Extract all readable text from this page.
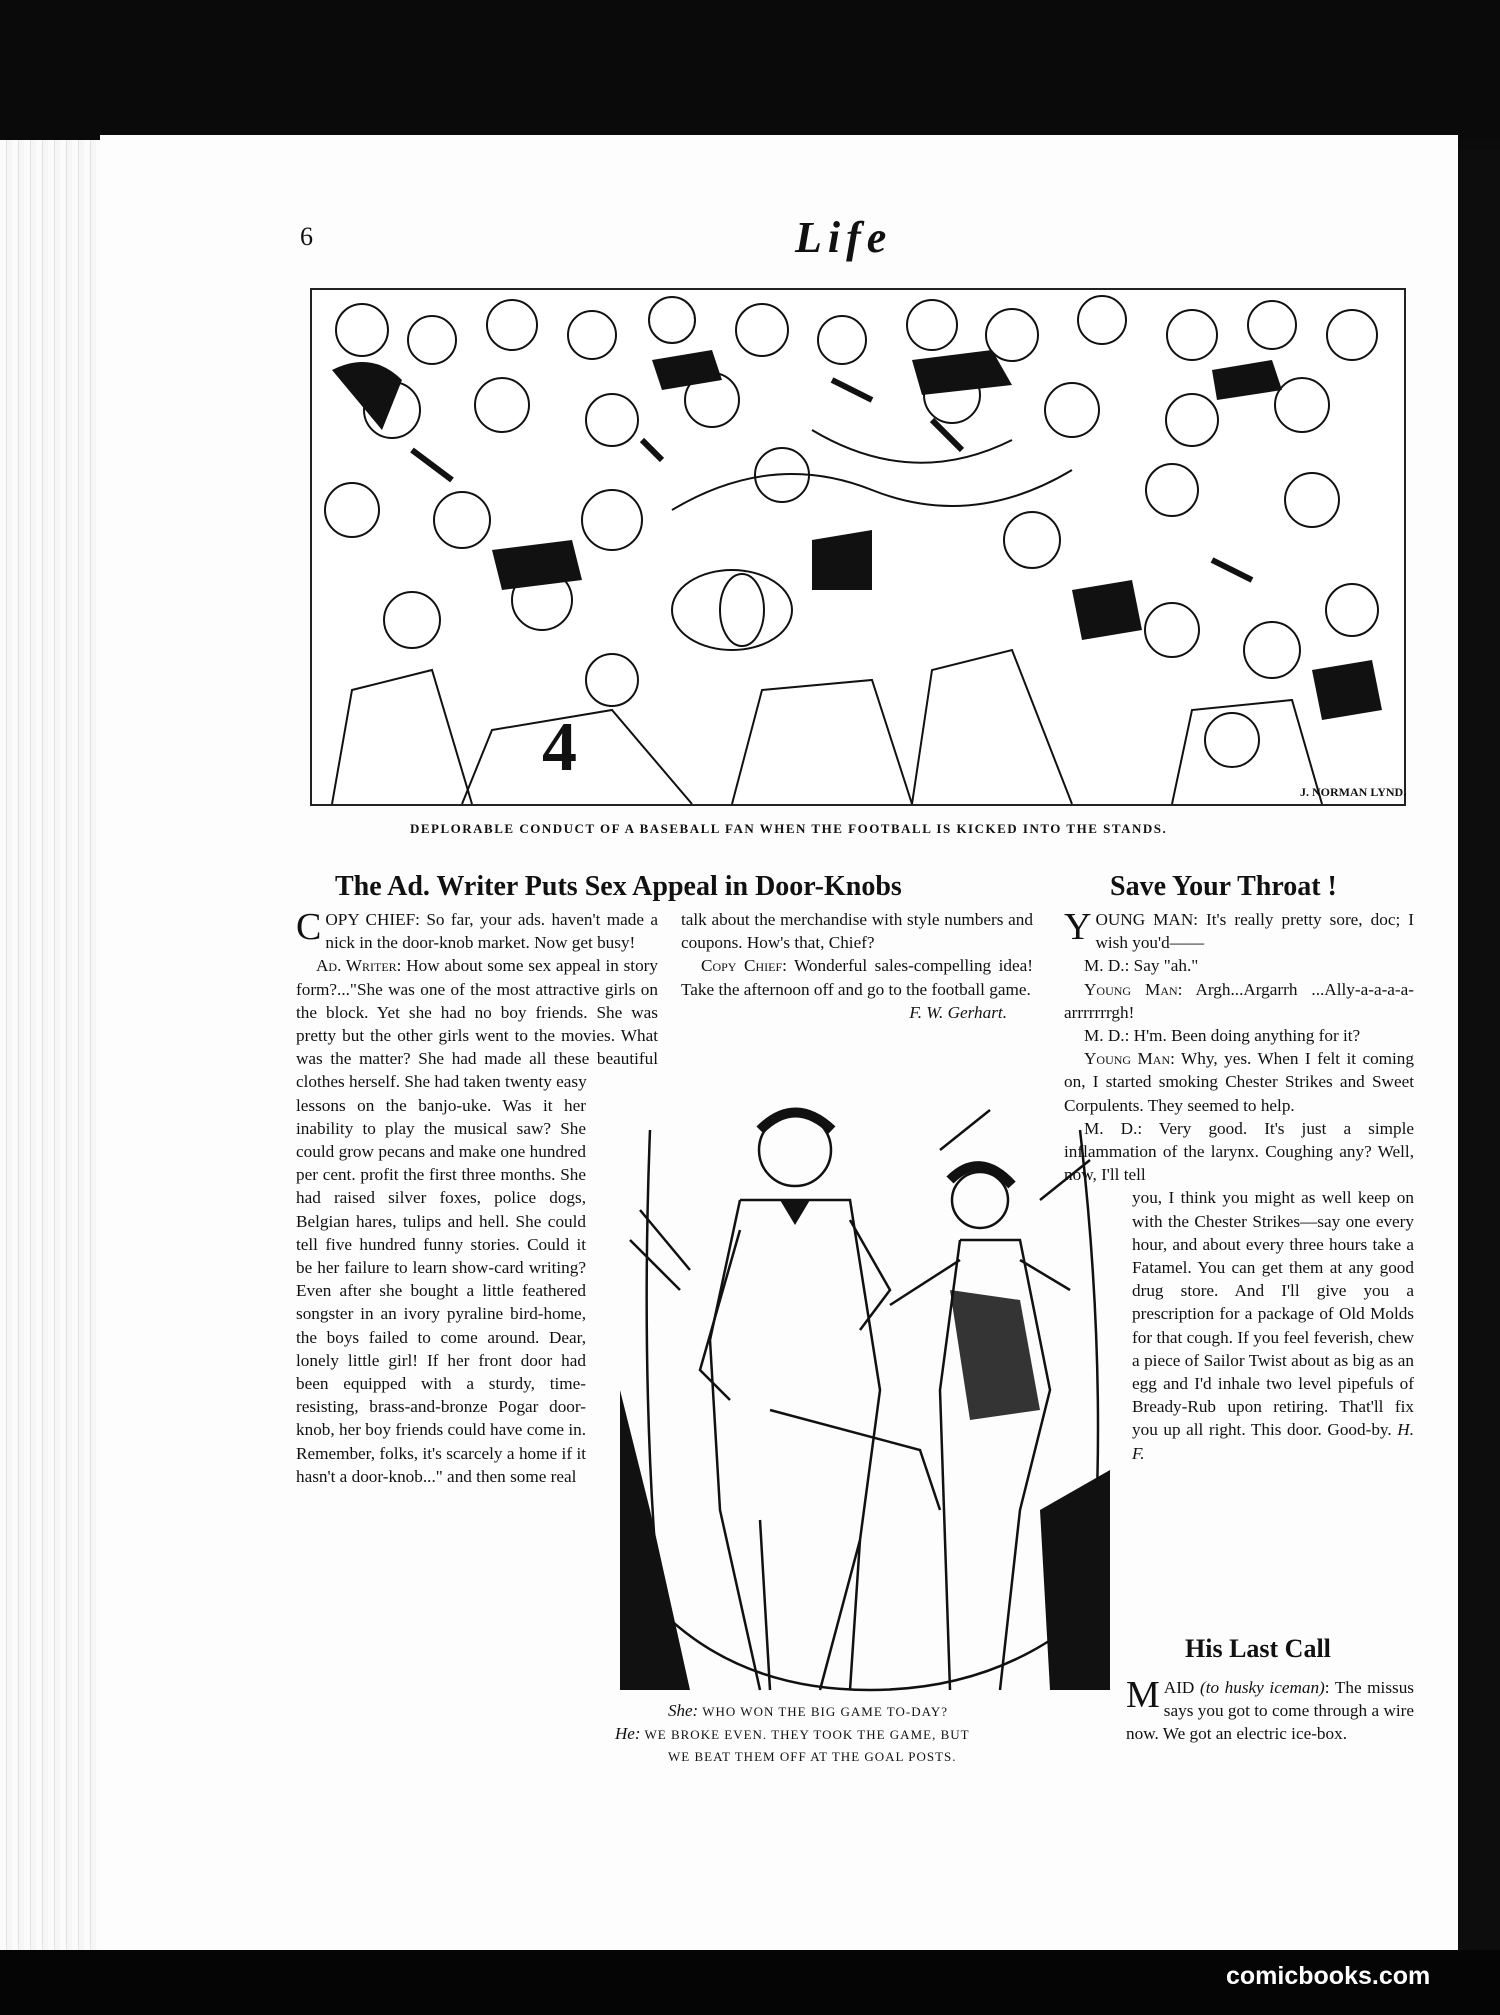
6	Life
4
J. NORMAN LYND.
DEPLORABLE CONDUCT OF A BASEBALL FAN WHEN THE FOOTBALL IS KICKED INTO THE STANDS.
The Ad. Writer Puts Sex Appeal in Door-Knobs	Save Your Throat !
His Last Call

COPY CHIEF: So far, your ads. haven't made a nick in the door-knob market. Now get busy!

Ad. Writer: How about some sex appeal in story form?..."She was one of the most attractive girls on the block. Yet she had no boy friends. She was pretty but the other girls went to the movies. What was the matter? She had made all these beautiful clothes herself. She had taken twenty easy

lessons on the banjo-uke. Was it her inability to play the musical saw? She could grow pecans and make one hundred per cent. profit the first three months. She had raised silver foxes, police dogs, Belgian hares, tulips and hell. She could tell five hundred funny stories. Could it be her failure to learn show-card writing? Even after she bought a little feathered songster in an ivory pyraline bird-home, the boys failed to come around. Dear, lonely little girl! If her front door had been equipped with a sturdy, time-resisting, brass-and-bronze Pogar door-knob, her boy friends could have come in. Remember, folks, it's scarcely a home if it hasn't a door-knob..." and then some real

talk about the merchandise with style numbers and coupons. How's that, Chief?

Copy Chief: Wonderful sales-compelling idea! Take the afternoon off and go to the football game.

F. W. Gerhart.

She: WHO WON THE BIG GAME TO-DAY?
He: WE BROKE EVEN. THEY TOOK THE GAME, BUT
WE BEAT THEM OFF AT THE GOAL POSTS.

YOUNG MAN: It's really pretty sore, doc; I wish you'd——

M. D.: Say "ah."

Young Man: Argh...Argarrh ...Ally-a-a-a-a-arrrrrrrgh!

M. D.: H'm. Been doing anything for it?

Young Man: Why, yes. When I felt it coming on, I started smoking Chester Strikes and Sweet Corpulents. They seemed to help.

M. D.: Very good. It's just a simple inflammation of the larynx. Coughing any? Well, now, I'll tell

you, I think you might as well keep on with the Chester Strikes—say one every hour, and about every three hours take a Fatamel. You can get them at any good drug store. And I'll give you a prescription for a package of Old Molds for that cough. If you feel feverish, chew a piece of Sailor Twist about as big as an egg and I'd inhale two level pipefuls of Bready-Rub upon retiring. That'll fix you up all right. This door. Good-by. H. F.

MAID (to husky iceman): The missus says you got to come through a wire now. We got an electric ice-box.

comicbooks.com
